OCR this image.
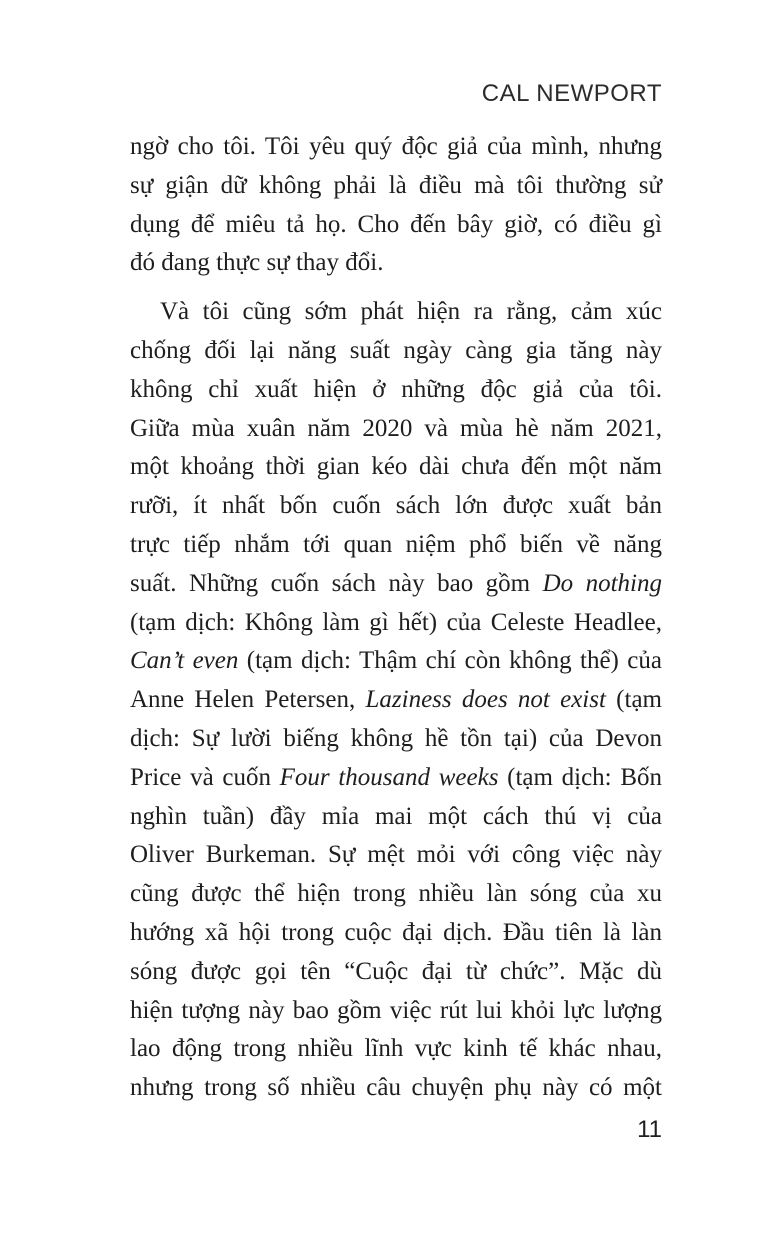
CAL NEWPORT

ngờ cho tôi. Tôi yêu quý độc giả của mình, nhưng
sự giận dữ không phải là điều mà tôi thường sử
dụng để miêu tả họ. Cho đến bây giờ, có điều gì
đó đang thực sự thay đổi.

Và tôi cũng sớm phát hiện ra rằng, cảm xúc
chống đối lại năng suất ngày càng gia tăng này
không chỉ xuất hiện ở những độc giả của tôi.
Giữa mùa xuân năm 2020 và mùa hè năm 2021,
một khoảng thời gian kéo dài chưa đến một năm
rưỡi, ít nhất bốn cuốn sách lớn được xuất bản
trực tiếp nhắm tới quan niệm phổ biến về năng
suất. Những cuốn sách này bao gồm Do nothing
(tạm dịch: Không làm gì hết) của Celeste Headlee,
Can’t even (tạm dịch: Thậm chí còn không thể) của
Anne Helen Petersen, Laziness does not exist (tạm
dịch: Sự lười biếng không hề tồn tại) của Devon
Price và cuốn Four thousand weeks (tạm dịch: Bốn
nghìn tuần) đầy mỉa mai một cách thú vị của
Oliver Burkeman. Sự mệt mỏi với công việc này
cũng được thể hiện trong nhiều làn sóng của xu
hướng xã hội trong cuộc đại dịch. Đầu tiên là làn
sóng được gọi tên “Cuộc đại từ chức”. Mặc dù
hiện tượng này bao gồm việc rút lui khỏi lực lượng
lao động trong nhiều lĩnh vực kinh tế khác nhau,
nhưng trong số nhiều câu chuyện phụ này có một

11
